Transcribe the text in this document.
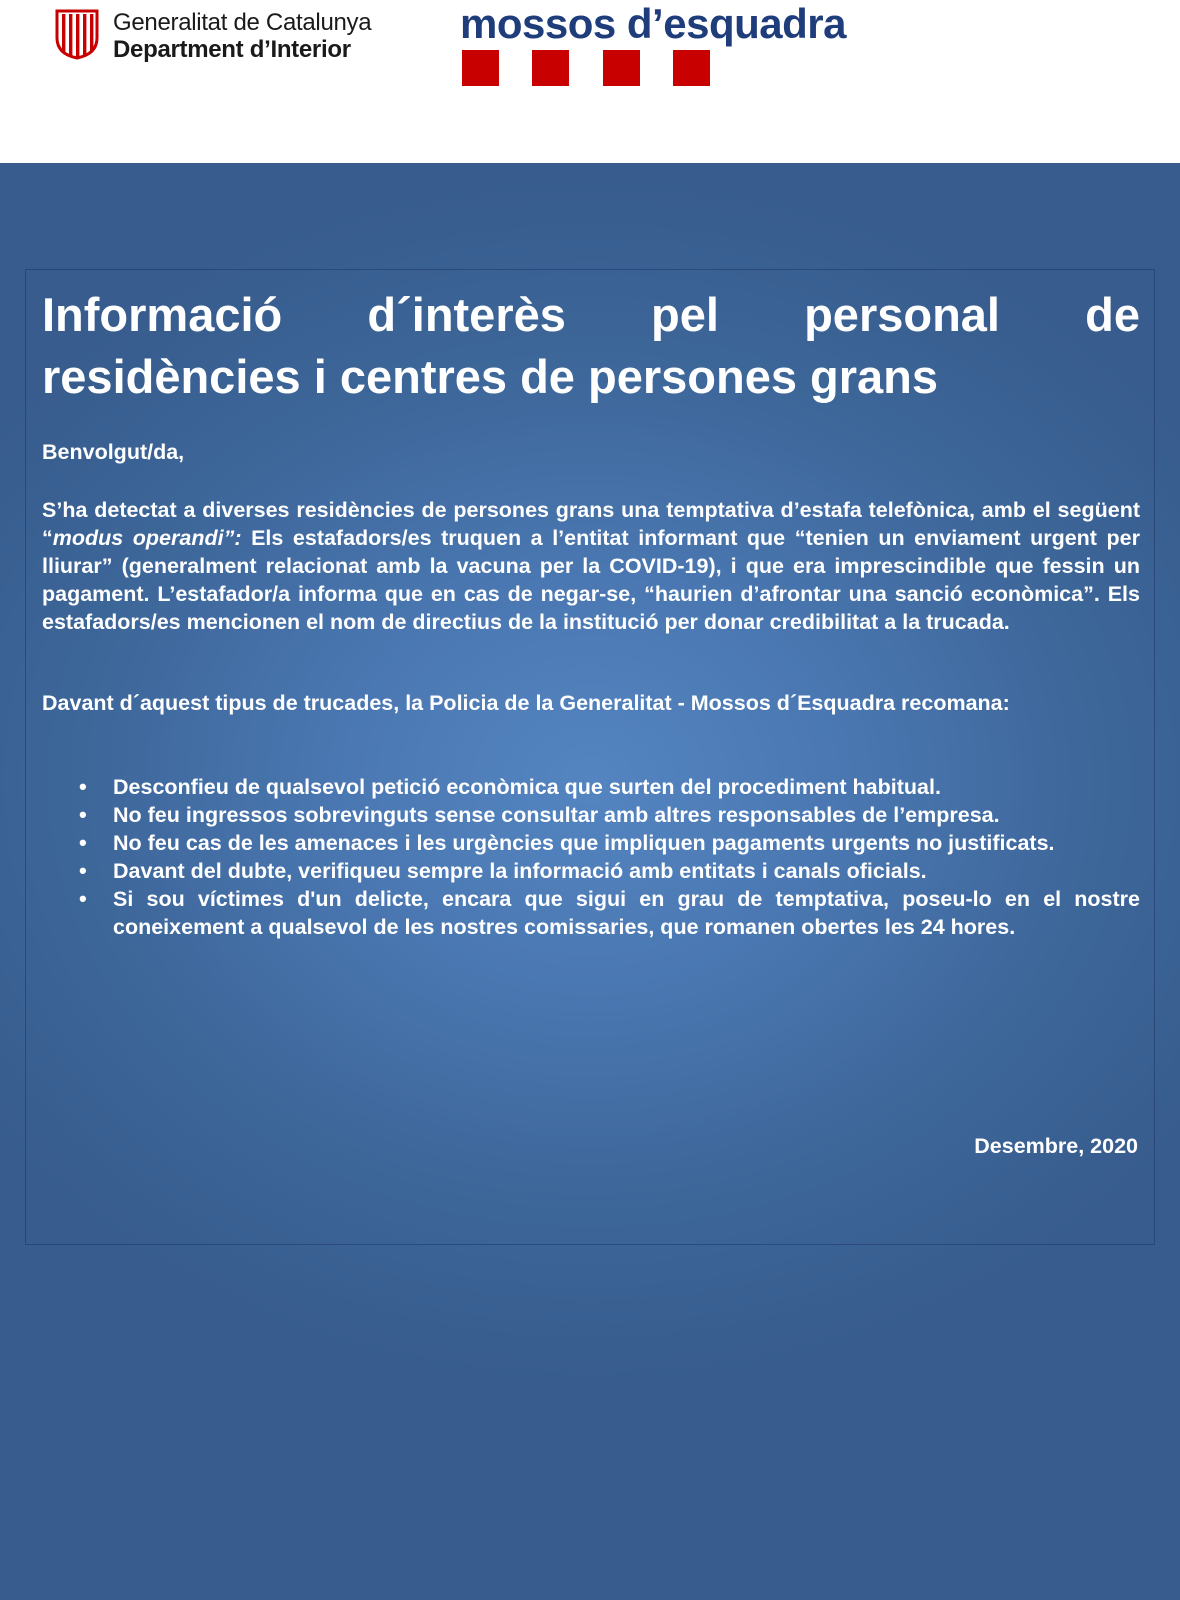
Generalitat de Catalunya
Department d’Interior
mossos d’esquadra
Informació d´interès pel personal de
residències i centres de persones grans

Benvolgut/da,

S’ha detectat a diverses residències de persones grans una temptativa d’estafa telefònica, amb el següent “modus operandi”: Els estafadors/es truquen a l’entitat informant que “tenien un enviament urgent per lliurar” (generalment relacionat amb la vacuna per la COVID-19), i que era imprescindible que fessin un pagament. L’estafador/a informa que en cas de negar-se, “haurien d’afrontar una sanció econòmica”. Els estafadors/es mencionen el nom de directius de la institució per donar credibilitat a la trucada.

Davant d´aquest tipus de trucades, la Policia de la Generalitat - Mossos d´Esquadra recomana:

• Desconfieu de qualsevol petició econòmica que surten del procediment habitual.
• No feu ingressos sobrevinguts sense consultar amb altres responsables de l’empresa.
• No feu cas de les amenaces i les urgències que impliquen pagaments urgents no justificats.
• Davant del dubte, verifiqueu sempre la informació amb entitats i canals oficials.
• Si sou víctimes d'un delicte, encara que sigui en grau de temptativa, poseu-lo en el nostre coneixement a qualsevol de les nostres comissaries, que romanen obertes les 24 hores.
Desembre, 2020
